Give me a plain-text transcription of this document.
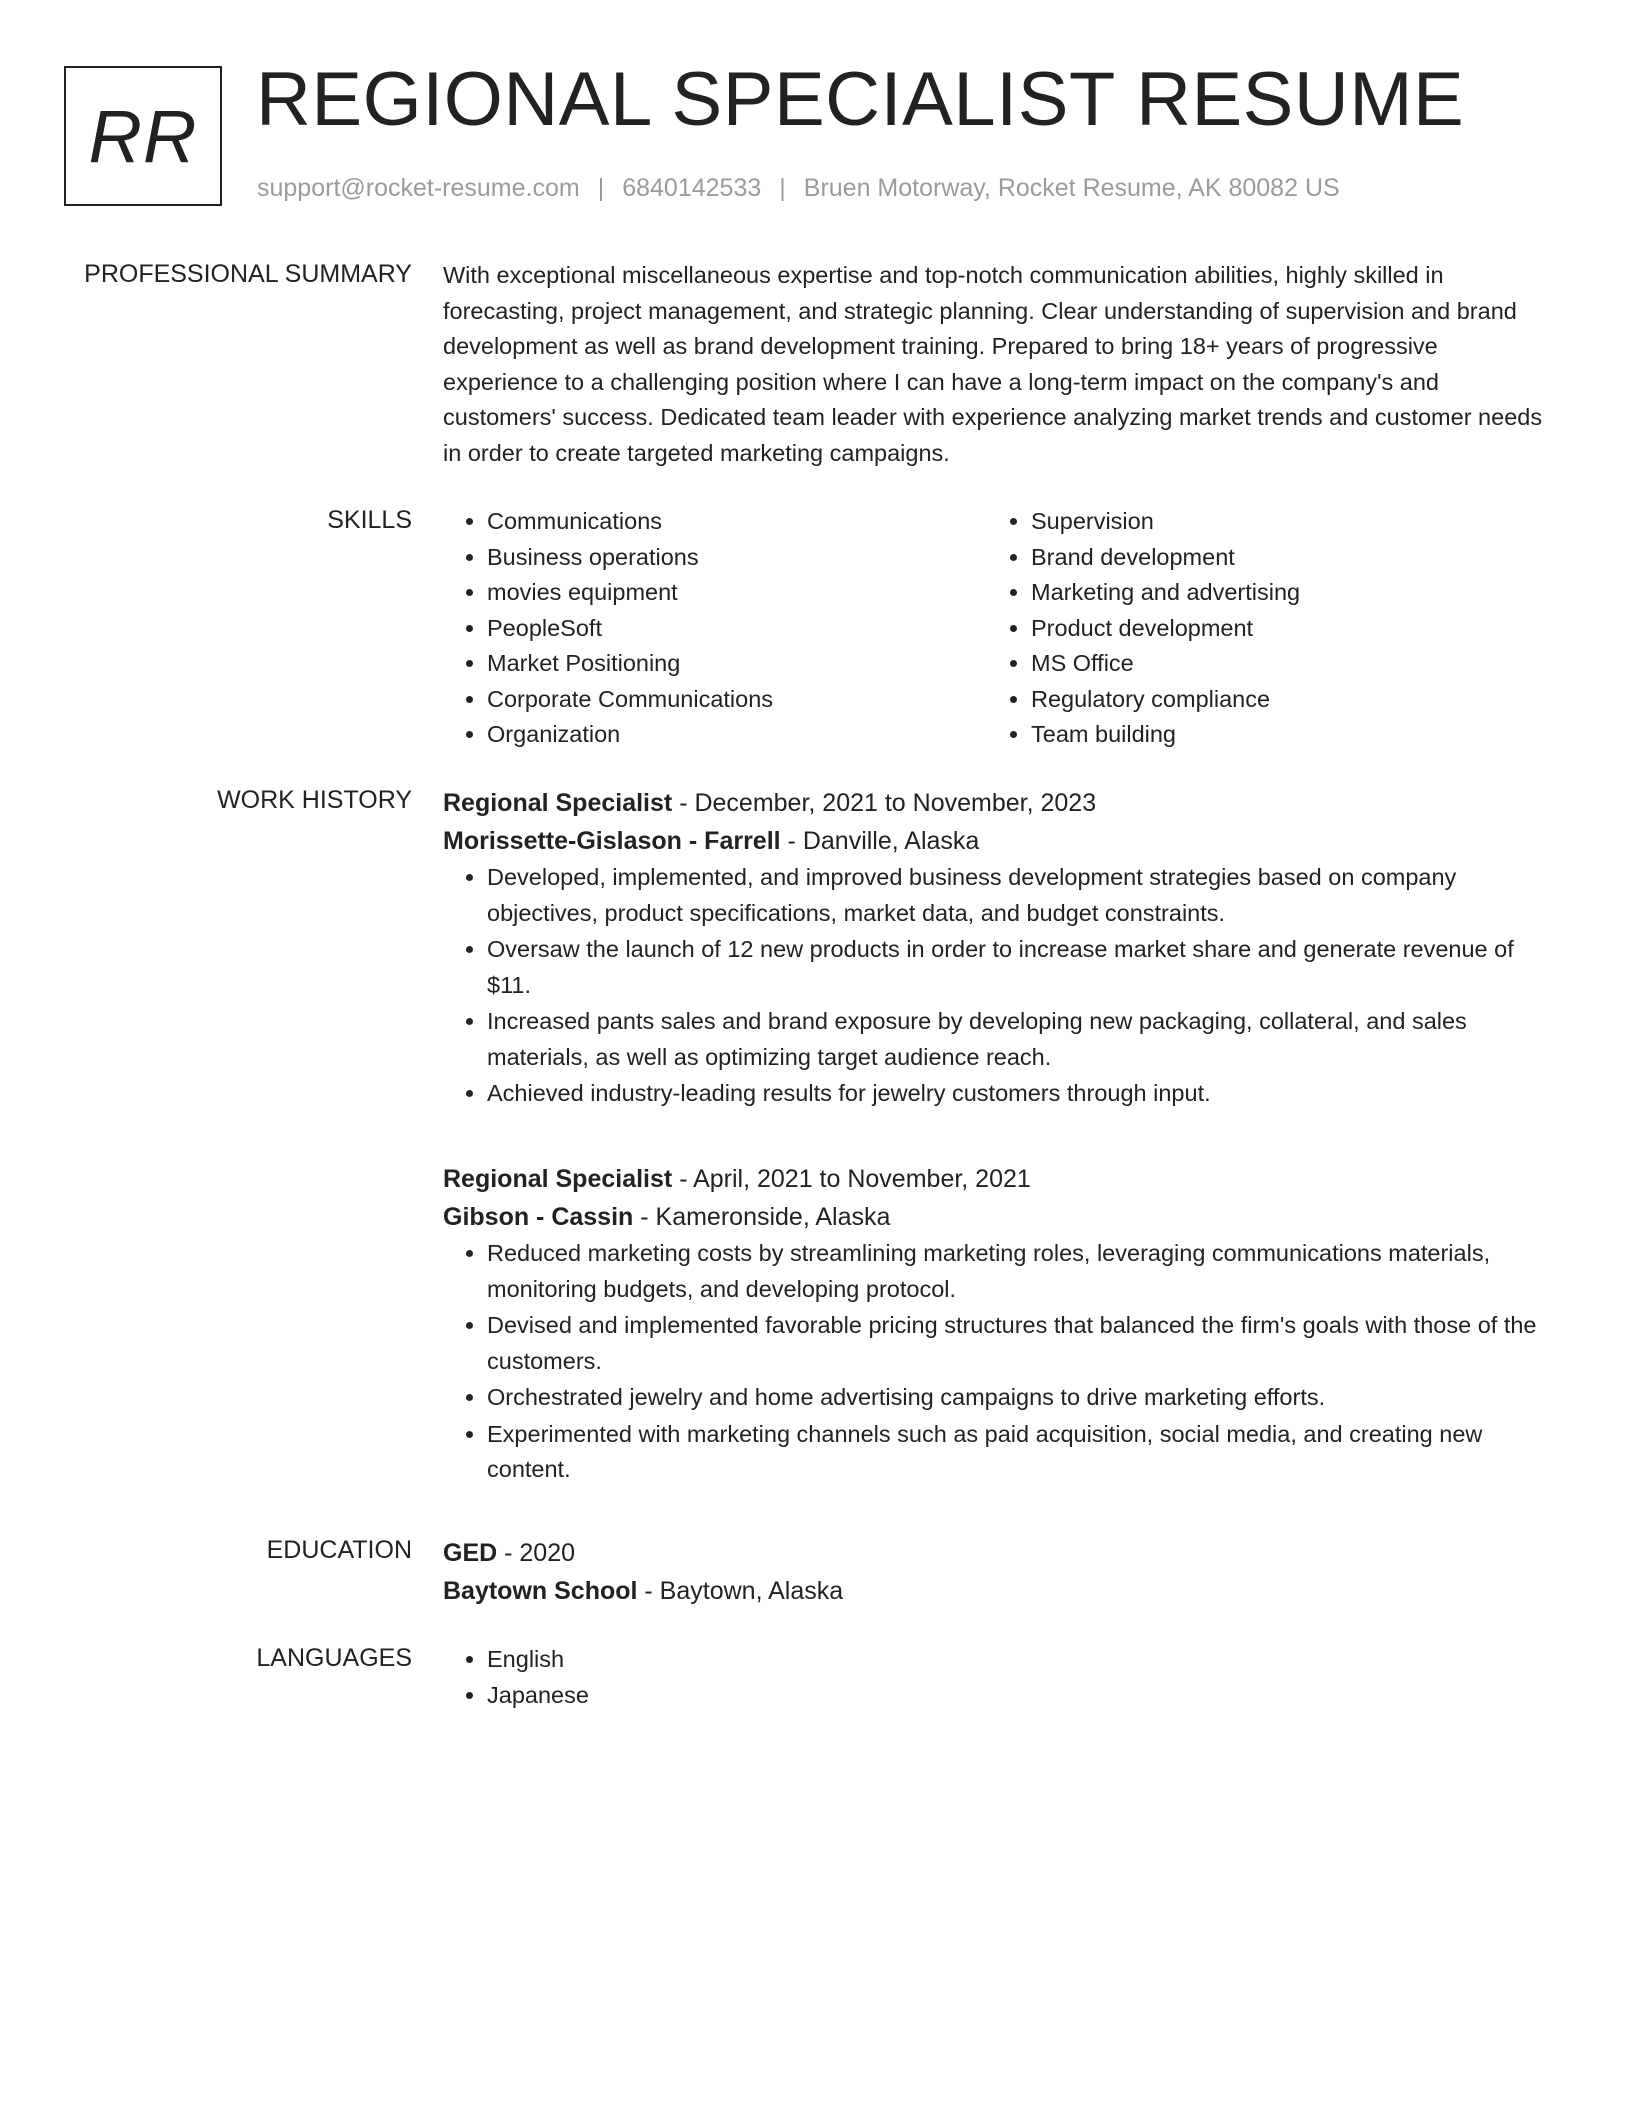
RR REGIONAL SPECIALIST RESUME
support@rocket-resume.com | 6840142533 | Bruen Motorway, Rocket Resume, AK 80082 US
PROFESSIONAL SUMMARY With exceptional miscellaneous expertise and top-notch communication abilities, highly skilled in forecasting, project management, and strategic planning. Clear understanding of supervision and brand development as well as brand development training. Prepared to bring 18+ years of progressive experience to a challenging position where I can have a long-term impact on the company's and customers' success. Dedicated team leader with experience analyzing market trends and customer needs in order to create targeted marketing campaigns.

SKILLS	• Communications
• Business operations
• movies equipment
• PeopleSoft
• Market Positioning
• Corporate Communications
• Organization
• Supervision
• Brand development
• Marketing and advertising
• Product development
• MS Office
• Regulatory compliance
• Team building
WORK HISTORY Regional Specialist - December, 2021 to November, 2023
Morissette-Gislason - Farrell - Danville, Alaska
• Developed, implemented, and improved business development strategies based on company objectives, product specifications, market data, and budget constraints.
• Oversaw the launch of 12 new products in order to increase market share and generate revenue of $11.
• Increased pants sales and brand exposure by developing new packaging, collateral, and sales materials, as well as optimizing target audience reach.
• Achieved industry-leading results for jewelry customers through input.
Regional Specialist - April, 2021 to November, 2021
Gibson - Cassin - Kameronside, Alaska
• Reduced marketing costs by streamlining marketing roles, leveraging communications materials, monitoring budgets, and developing protocol.
• Devised and implemented favorable pricing structures that balanced the firm's goals with those of the customers.
• Orchestrated jewelry and home advertising campaigns to drive marketing efforts.
• Experimented with marketing channels such as paid acquisition, social media, and creating new content.
EDUCATION GED - 2020
Baytown School - Baytown, Alaska
LANGUAGES	• English
• Japanese
